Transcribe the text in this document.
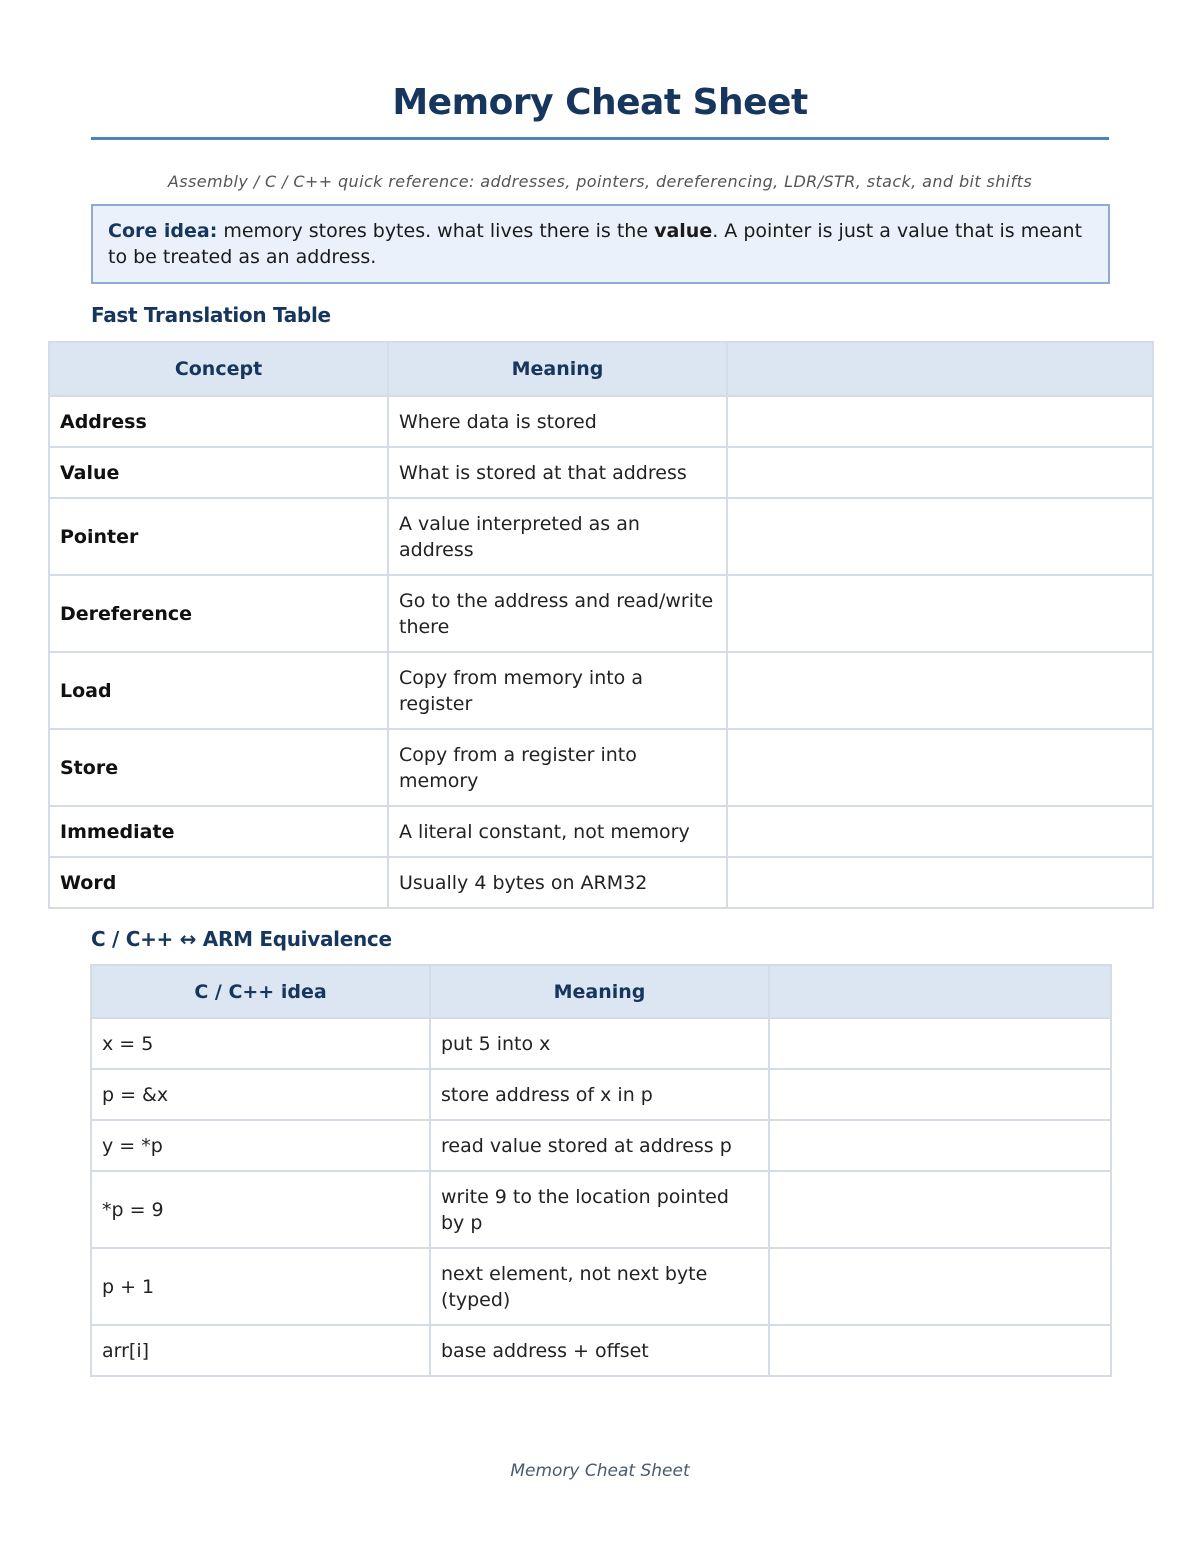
Memory Cheat Sheet
Assembly / C / C++ quick reference: addresses, pointers, dereferencing, LDR/STR, stack, and bit shifts
Core idea: memory stores bytes. what lives there is the value. A pointer is just a value that is meant to be treated as an address.
Fast Translation Table
Concept	Meaning	
Address	Where data is stored	
Value	What is stored at that address	
Pointer	A value interpreted as an address	
Dereference	Go to the address and read/write there	
Load	Copy from memory into a register	
Store	Copy from a register into memory	
Immediate	A literal constant, not memory	
Word	Usually 4 bytes on ARM32	
C / C++ ↔ ARM Equivalence
C / C++ idea	Meaning	
x = 5	put 5 into x	
p = &x	store address of x in p	
y = *p	read value stored at address p	
*p = 9	write 9 to the location pointed by p	
p + 1	next element, not next byte (typed)	
arr[i]	base address + offset	
Memory Cheat Sheet
